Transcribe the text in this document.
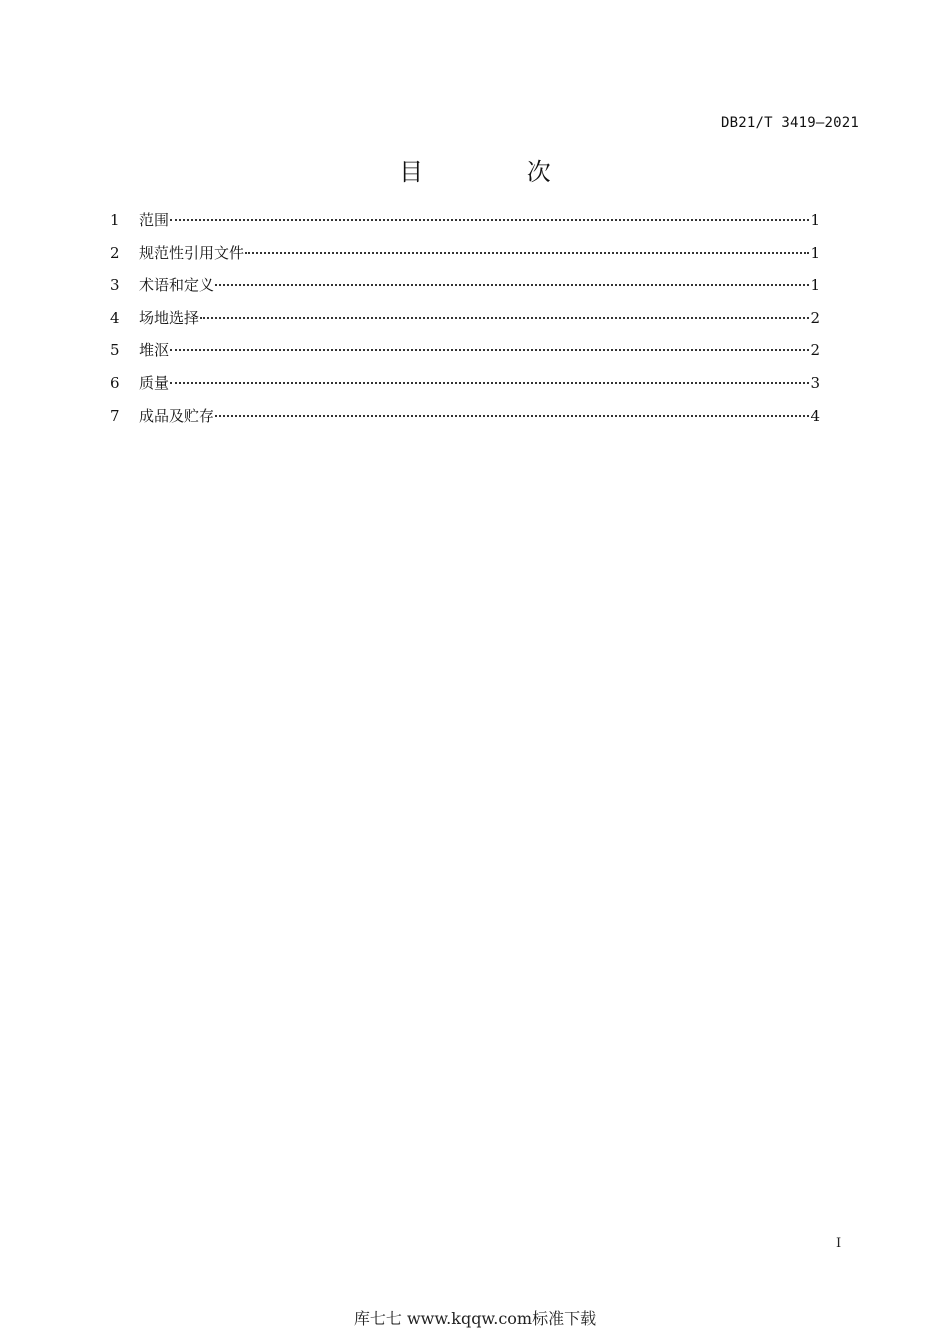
DB21/T 3419—2021
目 次
1	范围	1
2	规范性引用文件	1
3	术语和定义	1
4	场地选择	2
5	堆沤	2
6	质量	3
7	成品及贮存	4
I
库七七 www.kqqw.com标准下载
